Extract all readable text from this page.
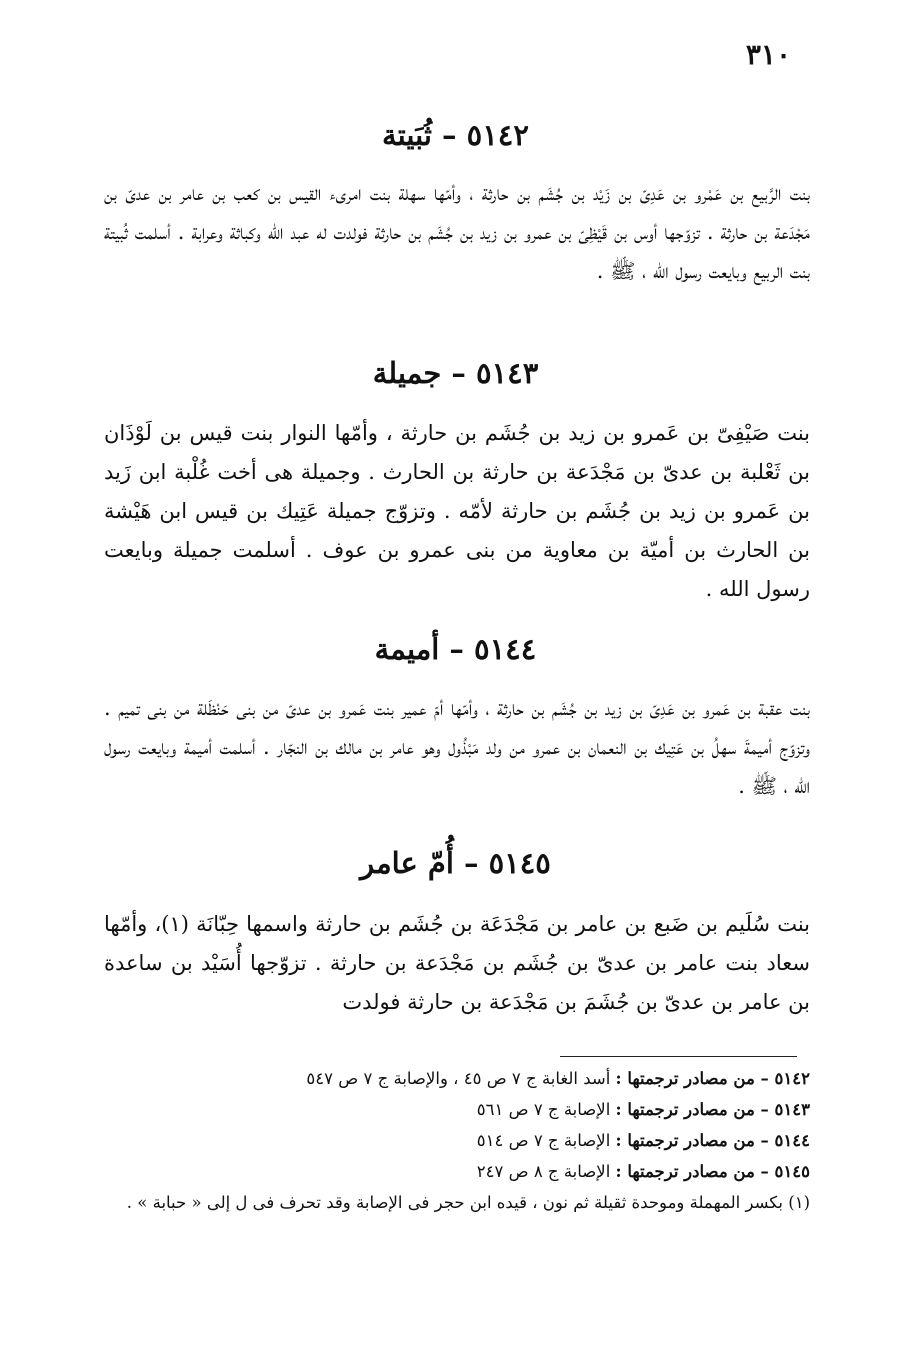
٣١٠
٥١٤٢ – ثُبَيتة
بنت الرَّبيع بن عَمْرو بن عَدِىّ بن زَيْد بن جُشَم بن حارثة ، وأمّها سهلة بنت امرىء القيس بن كعب بن عامر بن عدىّ بن مَجْدَعة بن حارثة . تزوّجها أوس بن قَيْظِىّ بن عمرو بن زيد بن جُشَم بن حارثة فولدت له عبد الله وكباثة وعرابة . أسلمت ثُبيتة بنت الربيع وبايعت رسول الله ، ﷺ .
٥١٤٣ – جميلة
بنت صَيْفِىّ بن عَمرو بن زيد بن جُشَم بن حارثة ، وأمّها النوار بنت قيس بن لَوْذَان بن ثَعْلبة بن عدىّ بن مَجْدَعة بن حارثة بن الحارث . وجميلة هى أخت غُلْبة ابن زَيد بن عَمرو بن زيد بن جُشَم بن حارثة لأمّه . وتزوّج جميلة عَتِيك بن قيس ابن هَيْشة بن الحارث بن أميّة بن معاوية من بنى عمرو بن عوف . أسلمت جميلة وبايعت رسول الله .
٥١٤٤ – أميمة
بنت عقبة بن عَمرو بن عَدِىّ بن زيد بن جُشَم بن حارثة ، وأمّها أمّ عمير بنت عَمرو بن عدىّ من بنى حَنْظَلة من بنى تميم . وتزوّج أميمةَ سهلُ بن عَتِيك بن النعمان بن عمرو من ولد مَبْذُول وهو عامر بن مالك بن النجّار . أسلمت أميمة وبايعت رسول الله ، ﷺ .
٥١٤٥ – أُمّ عامر
بنت سُلَيم بن ضَبع بن عامر بن مَجْدَعَة بن جُشَم بن حارثة واسمها حِبّانَة (١)، وأمّها سعاد بنت عامر بن عدىّ بن جُشَم بن مَجْدَعة بن حارثة . تزوّجها أُسَيْد بن ساعدة بن عامر بن عدىّ بن جُشَمَ بن مَجْدَعة بن حارثة فولدت
٥١٤٢ – من مصادر ترجمتها : أسد الغابة ج ٧ ص ٤٥ ، والإصابة ج ٧ ص ٥٤٧
٥١٤٣ – من مصادر ترجمتها : الإصابة ج ٧ ص ٥٦١
٥١٤٤ – من مصادر ترجمتها : الإصابة ج ٧ ص ٥١٤
٥١٤٥ – من مصادر ترجمتها : الإصابة ج ٨ ص ٢٤٧
(١) بكسر المهملة وموحدة ثقيلة ثم نون ، قيده ابن حجر فى الإصابة وقد تحرف فى ل إلى « حبابة » .
